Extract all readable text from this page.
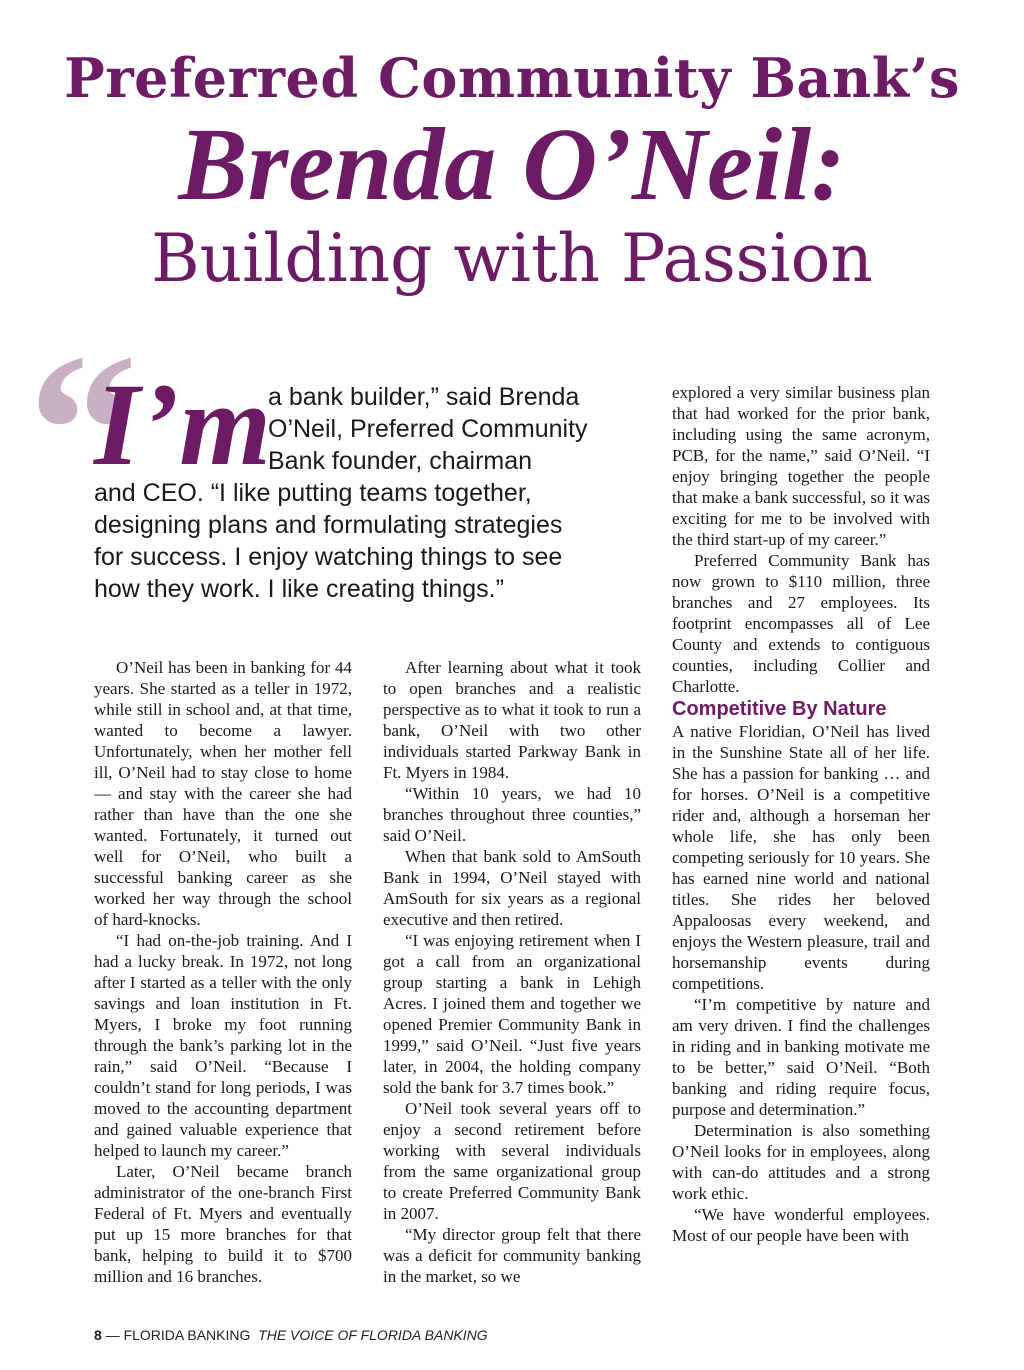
Preferred Community Bank’s
Brenda O’Neil:
Building with Passion
“
I’m
a bank builder,” said Brenda
O’Neil, Preferred Community
Bank founder, chairman
and CEO. “I like putting teams together,
designing plans and formulating strategies
for success. I enjoy watching things to see
how they work. I like creating things.”

O’Neil has been in banking for 44 years. She started as a teller in 1972, while still in school and, at that time, wanted to become a lawyer. Unfortunately, when her mother fell ill, O’Neil had to stay close to home — and stay with the career she had rather than have than the one she wanted. Fortunately, it turned out well for O’Neil, who built a successful banking career as she worked her way through the school of hard-knocks.

“I had on-the-job training. And I had a lucky break. In 1972, not long after I started as a teller with the only savings and loan institution in Ft. Myers, I broke my foot running through the bank’s parking lot in the rain,” said O’Neil. “Because I couldn’t stand for long periods, I was moved to the accounting department and gained valuable experience that helped to launch my career.”

Later, O’Neil became branch administrator of the one-branch First Federal of Ft. Myers and eventually put up 15 more branches for that bank, helping to build it to $700 million and 16 branches.

After learning about what it took to open branches and a realistic perspective as to what it took to run a bank, O’Neil with two other individuals started Parkway Bank in Ft. Myers in 1984.

“Within 10 years, we had 10 branches throughout three counties,” said O’Neil.

When that bank sold to AmSouth Bank in 1994, O’Neil stayed with AmSouth for six years as a regional executive and then retired.

“I was enjoying retirement when I got a call from an organizational group starting a bank in Lehigh Acres. I joined them and together we opened Premier Community Bank in 1999,” said O’Neil. “Just five years later, in 2004, the holding company sold the bank for 3.7 times book.”

O’Neil took several years off to enjoy a second retirement before working with several individuals from the same organizational group to create Preferred Community Bank in 2007.

“My director group felt that there was a deficit for community banking in the market, so we

explored a very similar business plan that had worked for the prior bank, including using the same acronym, PCB, for the name,” said O’Neil. “I enjoy bringing together the people that make a bank successful, so it was exciting for me to be involved with the third start-up of my career.”

Preferred Community Bank has now grown to $110 million, three branches and 27 employees. Its footprint encompasses all of Lee County and extends to contiguous counties, including Collier and Charlotte.

Competitive By Nature

A native Floridian, O’Neil has lived in the Sunshine State all of her life. She has a passion for banking … and for horses. O’Neil is a competitive rider and, although a horseman her whole life, she has only been competing seriously for 10 years. She has earned nine world and national titles. She rides her beloved Appaloosas every weekend, and enjoys the Western pleasure, trail and horsemanship events during competitions.

“I’m competitive by nature and am very driven. I find the challenges in riding and in banking motivate me to be better,” said O’Neil. “Both banking and riding require focus, purpose and determination.”

Determination is also something O’Neil looks for in employees, along with can-do attitudes and a strong work ethic.

“We have wonderful employees. Most of our people have been with

8 — FLORIDA BANKING THE VOICE OF FLORIDA BANKING
